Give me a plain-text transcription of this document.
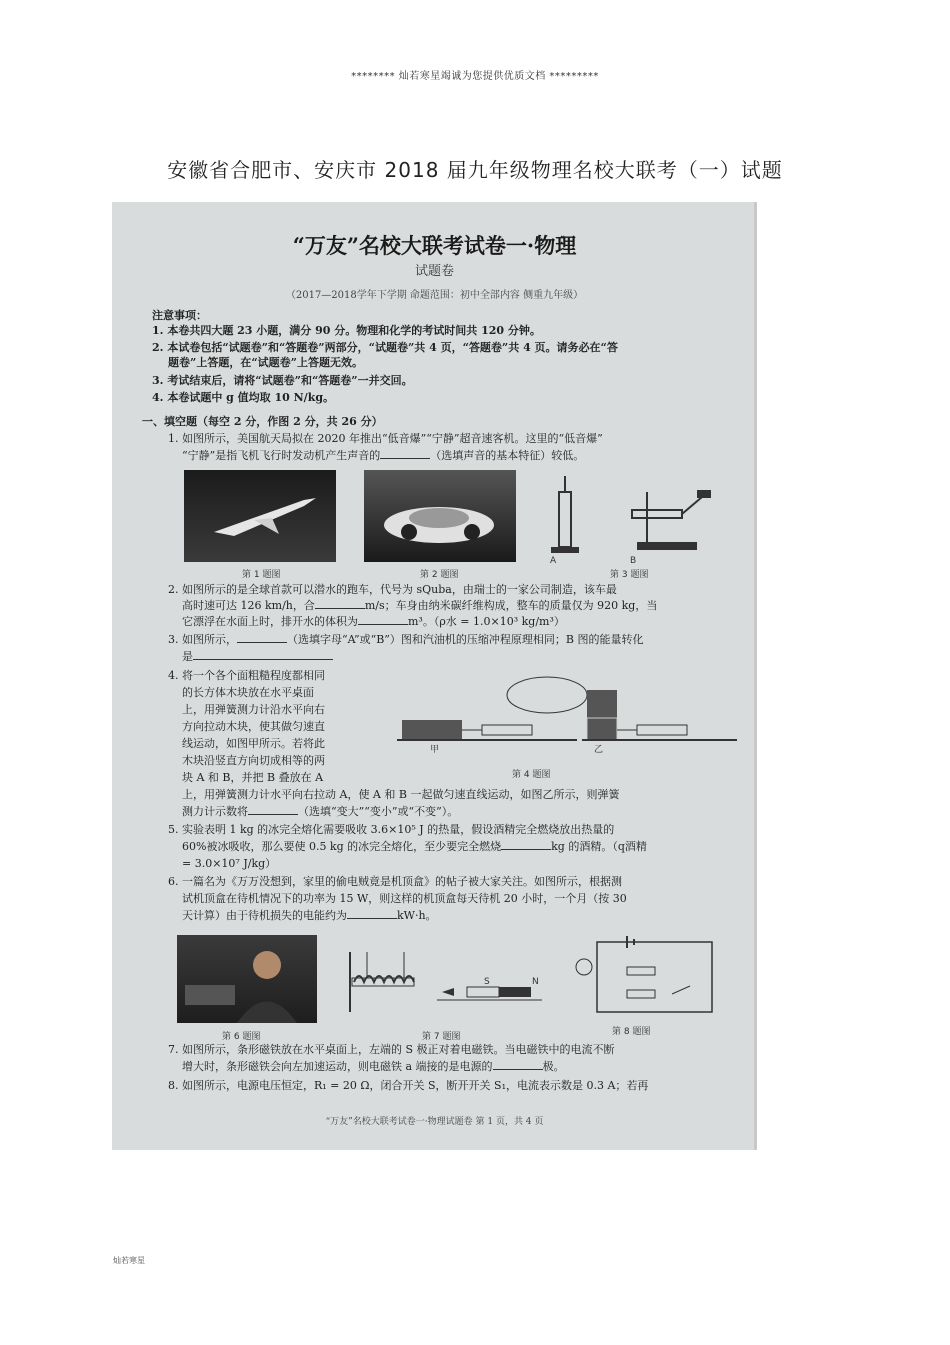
******** 灿若寒星竭诚为您提供优质文档 *********
安徽省合肥市、安庆市 2018 届九年级物理名校大联考（一）试题
“万友”名校大联考试卷一·物理
试题卷
（2017—2018学年下学期 命题范围：初中全部内容 侧重九年级）
注意事项：
1. 本卷共四大题 23 小题，满分 90 分。物理和化学的考试时间共 120 分钟。
2. 本试卷包括“试题卷”和“答题卷”两部分，“试题卷”共 4 页，“答题卷”共 4 页。请务必在“答
题卷”上答题，在“试题卷”上答题无效。
3. 考试结束后，请将“试题卷”和“答题卷”一并交回。
4. 本卷试题中 g 值均取 10 N/kg。
一、填空题（每空 2 分，作图 2 分，共 26 分）
1. 如图所示，美国航天局拟在 2020 年推出“低音爆”“宁静”超音速客机。这里的“低音爆”
“宁静”是指飞机飞行时发动机产生声音的	（选填声音的基本特征）较低。
A	B
第 1 题图	第 2 题图	第 3 题图
2. 如图所示的是全球首款可以潜水的跑车，代号为 sQuba，由瑞士的一家公司制造，该车最
高时速可达 126 km/h，合	m/s；车身由纳米碳纤维构成，整车的质量仅为 920 kg，当
它漂浮在水面上时，排开水的体积为	m³。（ρ水 = 1.0×10³ kg/m³）
3. 如图所示，	（选填字母“A”或“B”）图和汽油机的压缩冲程原理相同；B 图的能量转化
是
4. 将一个各个面粗糙程度都相同
的长方体木块放在水平桌面
上，用弹簧测力计沿水平向右
方向拉动木块，使其做匀速直
线运动，如图甲所示。若将此
木块沿竖直方向切成相等的两
块 A 和 B，并把 B 叠放在 A
甲	乙
第 4 题图
上，用弹簧测力计水平向右拉动 A，使 A 和 B 一起做匀速直线运动，如图乙所示，则弹簧
测力计示数将	（选填“变大”“变小”或“不变”）。
5. 实验表明 1 kg 的冰完全熔化需要吸收 3.6×10⁵ J 的热量，假设酒精完全燃烧放出热量的
60%被冰吸收，那么要使 0.5 kg 的冰完全熔化，至少要完全燃烧	kg 的酒精。（q酒精
= 3.0×10⁷ J/kg）
6. 一篇名为《万万没想到，家里的偷电贼竟是机顶盒》的帖子被大家关注。如图所示，根据测
试机顶盒在待机情况下的功率为 15 W，则这样的机顶盒每天待机 20 小时，一个月（按 30
天计算）由于待机损失的电能约为	kW·h。
S	N
第 6 题图	第 7 题图	第 8 题图
7. 如图所示，条形磁铁放在水平桌面上，左端的 S 极正对着电磁铁。当电磁铁中的电流不断
增大时，条形磁铁会向左加速运动，则电磁铁 a 端接的是电源的	极。
8. 如图所示，电源电压恒定，R₁ = 20 Ω，闭合开关 S，断开开关 S₁，电流表示数是 0.3 A；若再
“万友”名校大联考试卷一·物理试题卷 第 1 页，共 4 页
灿若寒星
